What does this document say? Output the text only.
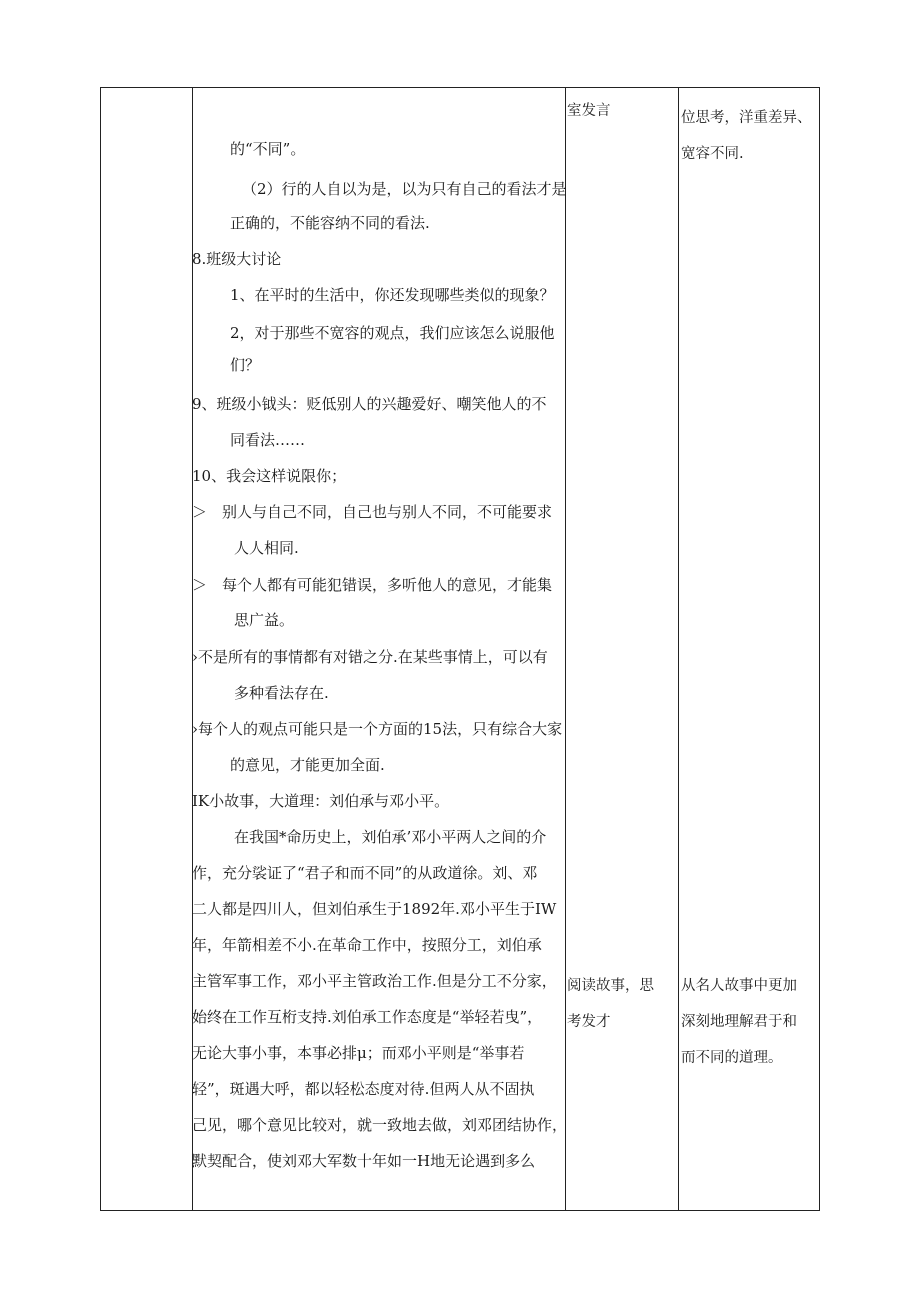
的“不同”。
（2）行的人自以为是，以为只有自己的看法才是
正确的，不能容纳不同的看法.
8.班级大讨论
1、在平时的生活中，你还发现哪些类似的现象？
2，对于那些不宽容的观点，我们应该怎么说服他
们？
9、班级小钺头：贬低别人的兴趣爱好、嘲笑他人的不
同看法……
10、我会这样说限你；
＞　别人与自己不同，自己也与别人不同，不可能要求
人人相同.
＞　每个人都有可能犯错误，多听他人的意见，才能集
思广益。
›不是所有的事情都有对错之分.在某些事情上，可以有
多种看法存在.
›每个人的观点可能只是一个方面的15法，只有综合大家
的意见，才能更加全面.
IK小故事，大道理：刘伯承与邓小平。
在我国*命历史上，刘伯承’邓小平两人之间的介
作，充分裟证了“君子和而不同”的从政道徐。刘、邓
二人都是四川人，但刘伯承生于1892年.邓小平生于IW
年，年箭相差不小.在革命工作中，按照分工，刘伯承
主管军事工作，邓小平主管政治工作.但是分工不分家，
始终在工作互桁支持.刘伯承工作态度是“举轻若曳”，
无论大事小事，本事必排μ；而邓小平则是“举事若
轻”，斑遇大呼，都以轻松态度对待.但两人从不固执
己见，哪个意见比较对，就一致地去做，刘邓团结协作，
默契配合，使刘邓大军数十年如一H地无论遇到多么
室发言
阅读故事，思
考发才
位思考，洋重差异、
宽容不同.
从名人故事中更加
深刻地理解君于和
而不同的道理。
